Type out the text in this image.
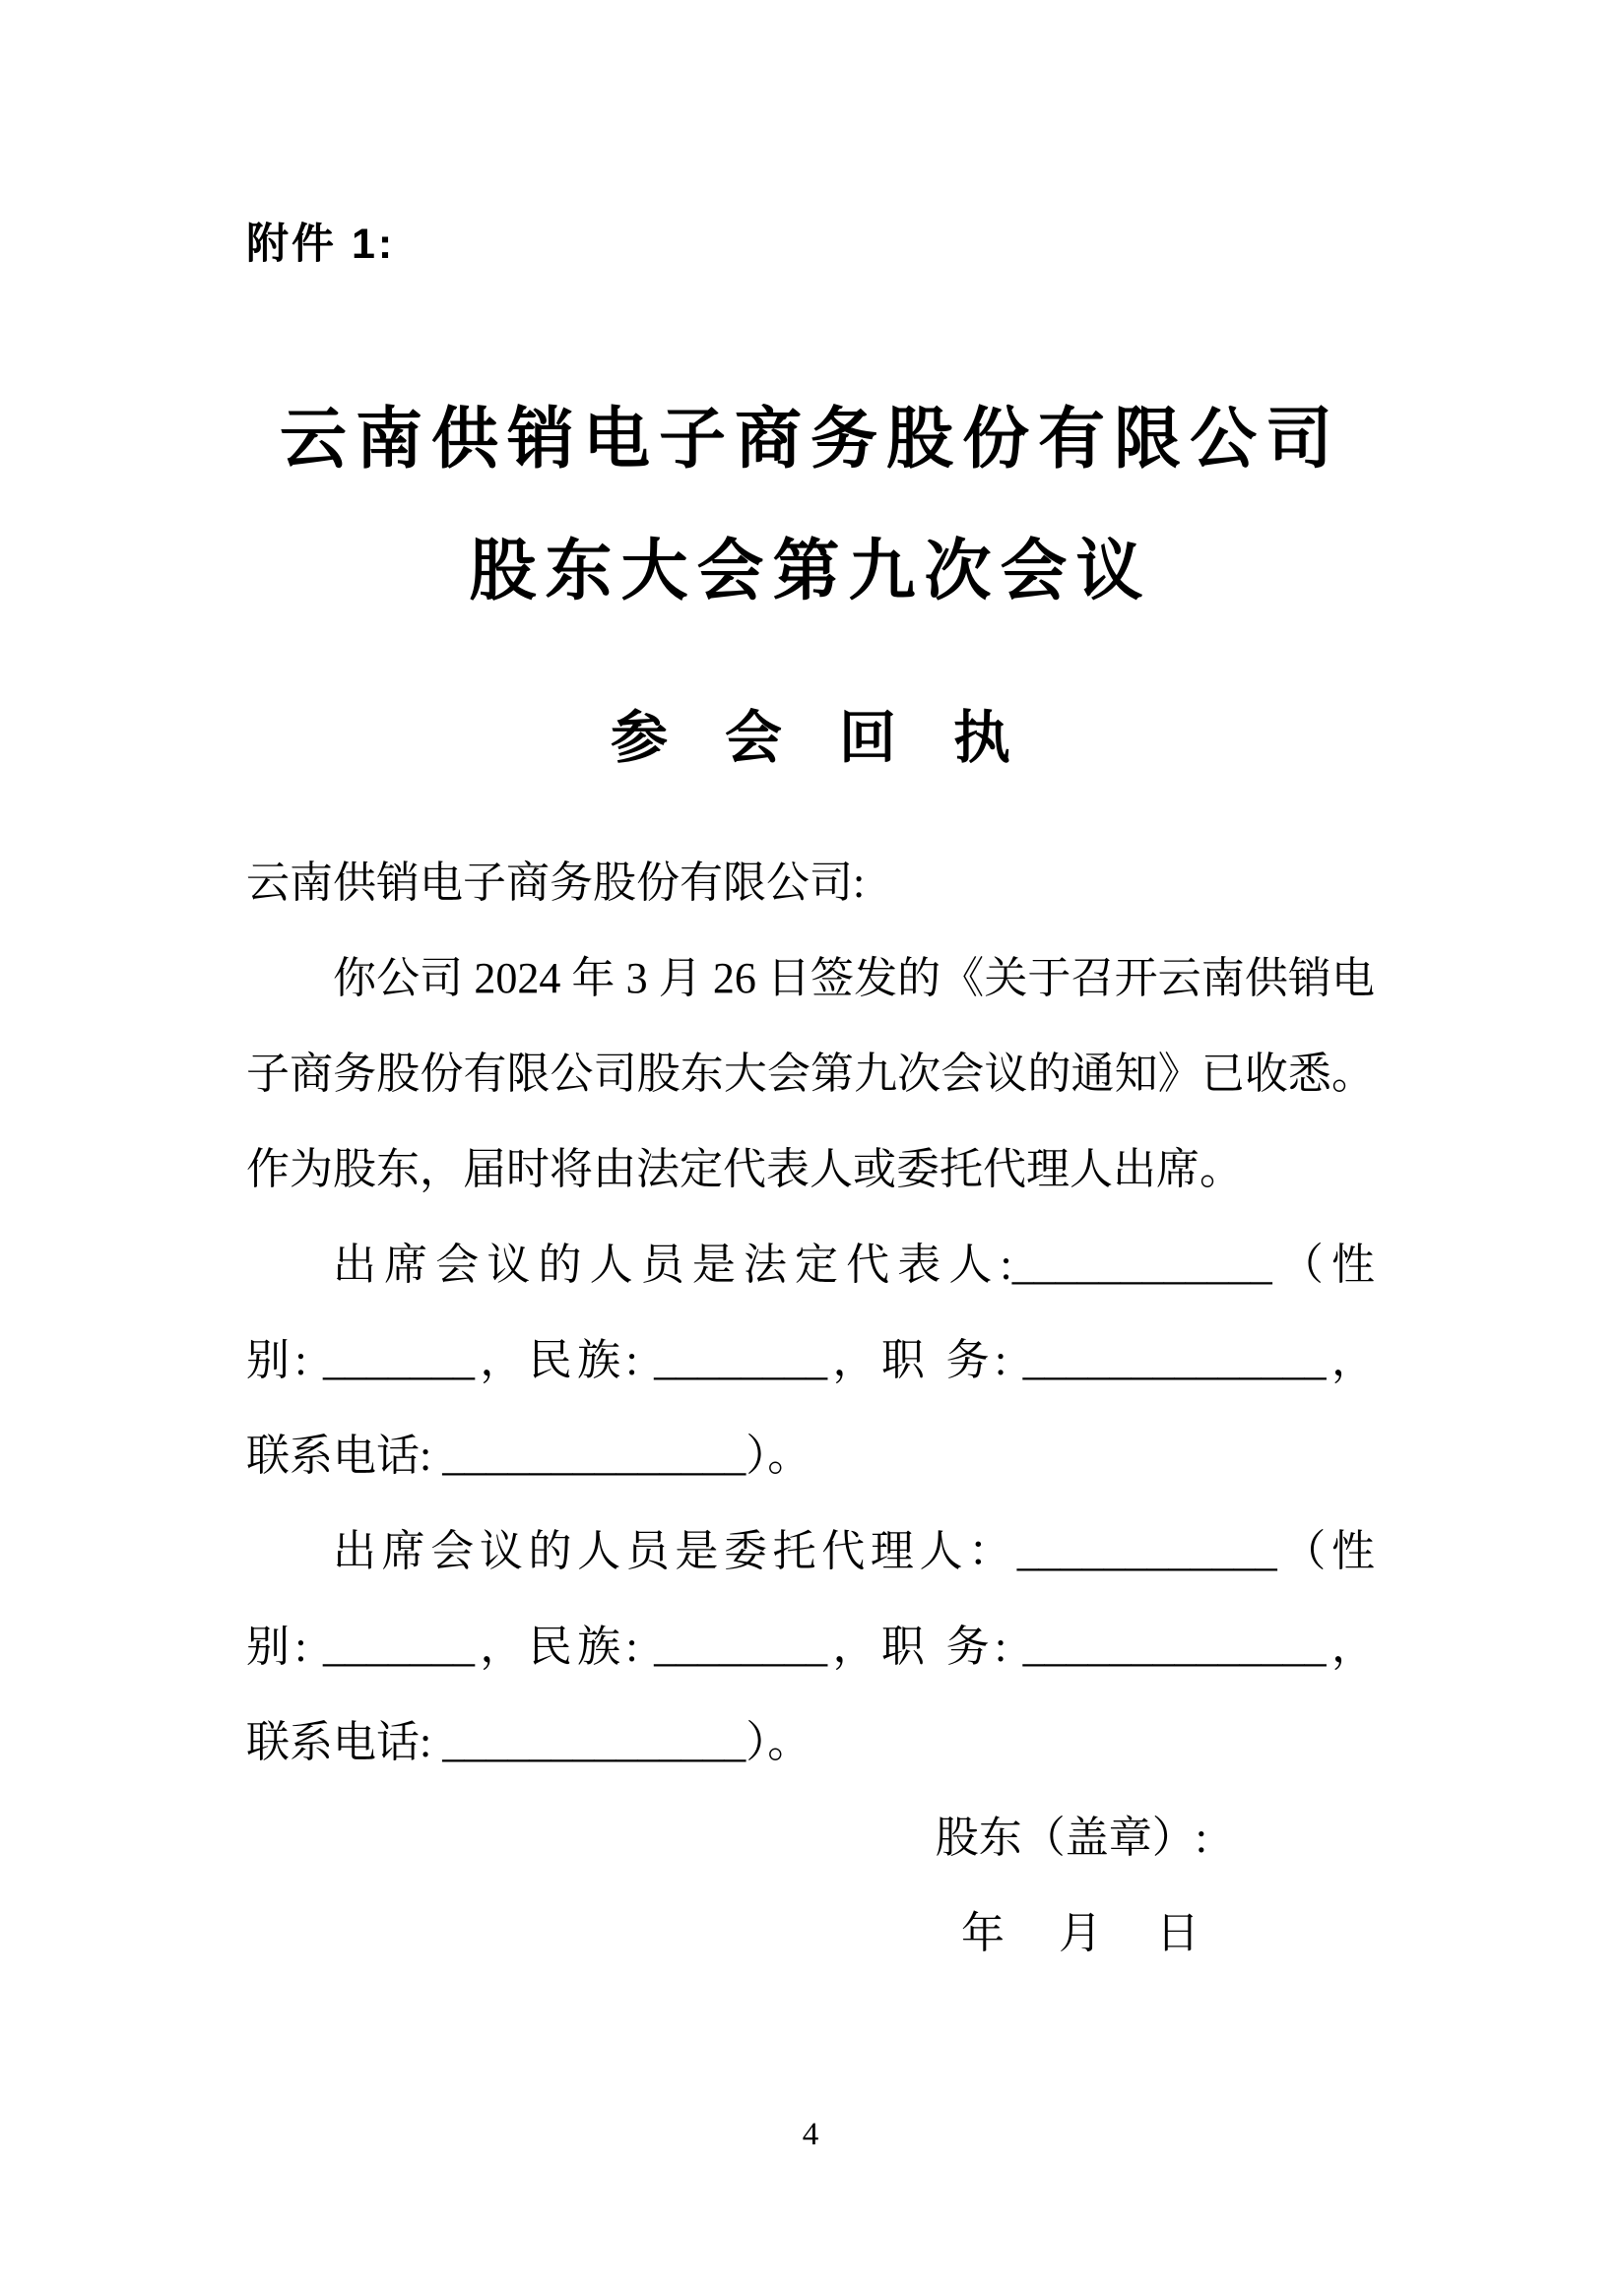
附件 1:
云南供销电子商务股份有限公司
股东大会第九次会议
参　会　回　执
云南供销电子商务股份有限公司:
你公司 2024 年 3 月 26 日签发的《关于召开云南供销电
子商务股份有限公司股东大会第九次会议的通知》已收悉。
作为股东，届时将由法定代表人或委托代理人出席。
出席会议的人员是法定代表人:____________（性
别: _______，民族: ________，职 务: ______________，
联系电话: ______________）。
出席会议的人员是委托代理人：____________（性
别: _______，民族: ________，职 务: ______________，
联系电话: ______________）。
股东（盖章）:
年　 月　 日
4
